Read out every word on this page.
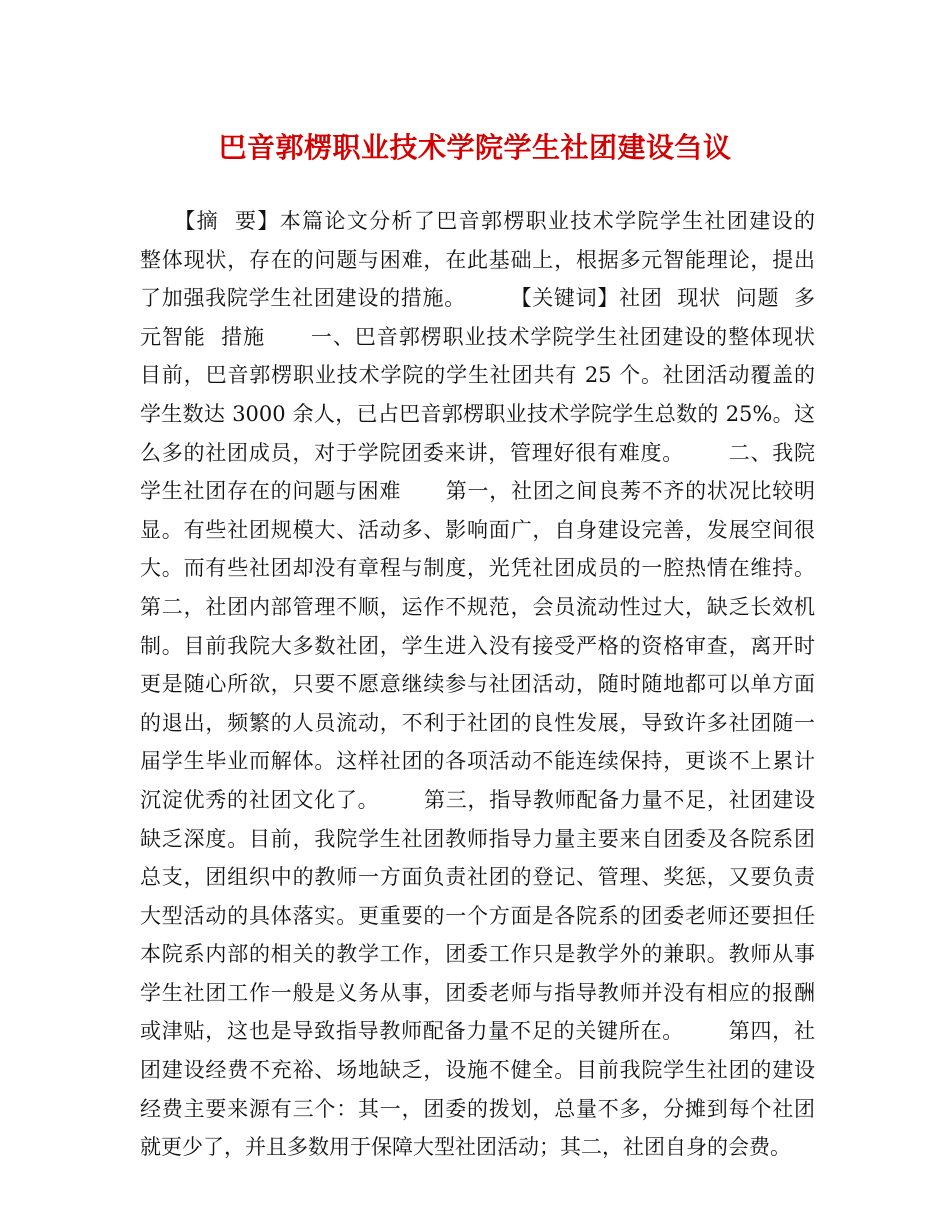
巴音郭楞职业技术学院学生社团建设刍议
　　【摘  要】本篇论文分析了巴音郭楞职业技术学院学生社团建设的
整体现状，存在的问题与困难，在此基础上，根据多元智能理论，提出
了加强我院学生社团建设的措施。      【关键词】社团  现状  问题  多
元智能  措施      一、巴音郭楞职业技术学院学生社团建设的整体现状
目前，巴音郭楞职业技术学院的学生社团共有 25 个。社团活动覆盖的
学生数达 3000 余人，已占巴音郭楞职业技术学院学生总数的 25%。这
么多的社团成员，对于学院团委来讲，管理好很有难度。      二、我院
学生社团存在的问题与困难      第一，社团之间良莠不齐的状况比较明
显。有些社团规模大、活动多、影响面广，自身建设完善，发展空间很
大。而有些社团却没有章程与制度，光凭社团成员的一腔热情在维持。
第二，社团内部管理不顺，运作不规范，会员流动性过大，缺乏长效机
制。目前我院大多数社团，学生进入没有接受严格的资格审查，离开时
更是随心所欲，只要不愿意继续参与社团活动，随时随地都可以单方面
的退出，频繁的人员流动，不利于社团的良性发展，导致许多社团随一
届学生毕业而解体。这样社团的各项活动不能连续保持，更谈不上累计
沉淀优秀的社团文化了。      第三，指导教师配备力量不足，社团建设
缺乏深度。目前，我院学生社团教师指导力量主要来自团委及各院系团
总支，团组织中的教师一方面负责社团的登记、管理、奖惩，又要负责
大型活动的具体落实。更重要的一个方面是各院系的团委老师还要担任
本院系内部的相关的教学工作，团委工作只是教学外的兼职。教师从事
学生社团工作一般是义务从事，团委老师与指导教师并没有相应的报酬
或津贴，这也是导致指导教师配备力量不足的关键所在。      第四，社
团建设经费不充裕、场地缺乏，设施不健全。目前我院学生社团的建设
经费主要来源有三个：其一，团委的拨划，总量不多，分摊到每个社团
就更少了，并且多数用于保障大型社团活动；其二，社团自身的会费。
